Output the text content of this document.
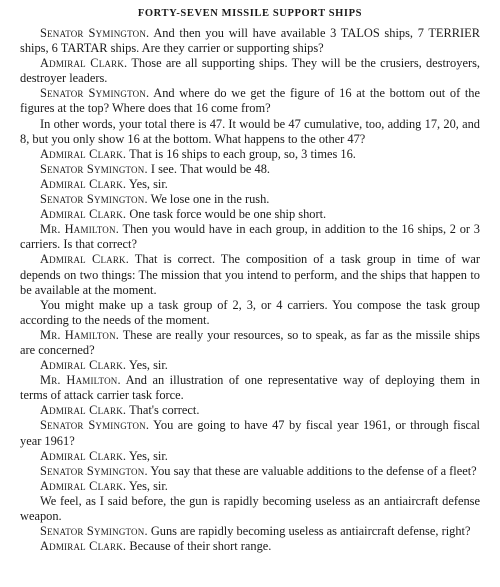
FORTY-SEVEN MISSILE SUPPORT SHIPS

Senator Symington. And then you will have available 3 TALOS ships, 7 TERRIER ships, 6 TARTAR ships. Are they carrier or supporting ships?

Admiral Clark. Those are all supporting ships. They will be the crusiers, destroyers, destroyer leaders.

Senator Symington. And where do we get the figure of 16 at the bottom out of the figures at the top? Where does that 16 come from?

In other words, your total there is 47. It would be 47 cumulative, too, adding 17, 20, and 8, but you only show 16 at the bottom. What happens to the other 47?

Admiral Clark. That is 16 ships to each group, so, 3 times 16.

Senator Symington. I see. That would be 48.

Admiral Clark. Yes, sir.

Senator Symington. We lose one in the rush.

Admiral Clark. One task force would be one ship short.

Mr. Hamilton. Then you would have in each group, in addition to the 16 ships, 2 or 3 carriers. Is that correct?

Admiral Clark. That is correct. The composition of a task group in time of war depends on two things: The mission that you intend to perform, and the ships that happen to be available at the moment.

You might make up a task group of 2, 3, or 4 carriers. You compose the task group according to the needs of the moment.

Mr. Hamilton. These are really your resources, so to speak, as far as the missile ships are concerned?

Admiral Clark. Yes, sir.

Mr. Hamilton. And an illustration of one representative way of deploying them in terms of attack carrier task force.

Admiral Clark. That's correct.

Senator Symington. You are going to have 47 by fiscal year 1961, or through fiscal year 1961?

Admiral Clark. Yes, sir.

Senator Symington. You say that these are valuable additions to the defense of a fleet?

Admiral Clark. Yes, sir.

We feel, as I said before, the gun is rapidly becoming useless as an antiaircraft defense weapon.

Senator Symington. Guns are rapidly becoming useless as antiaircraft defense, right?

Admiral Clark. Because of their short range.
